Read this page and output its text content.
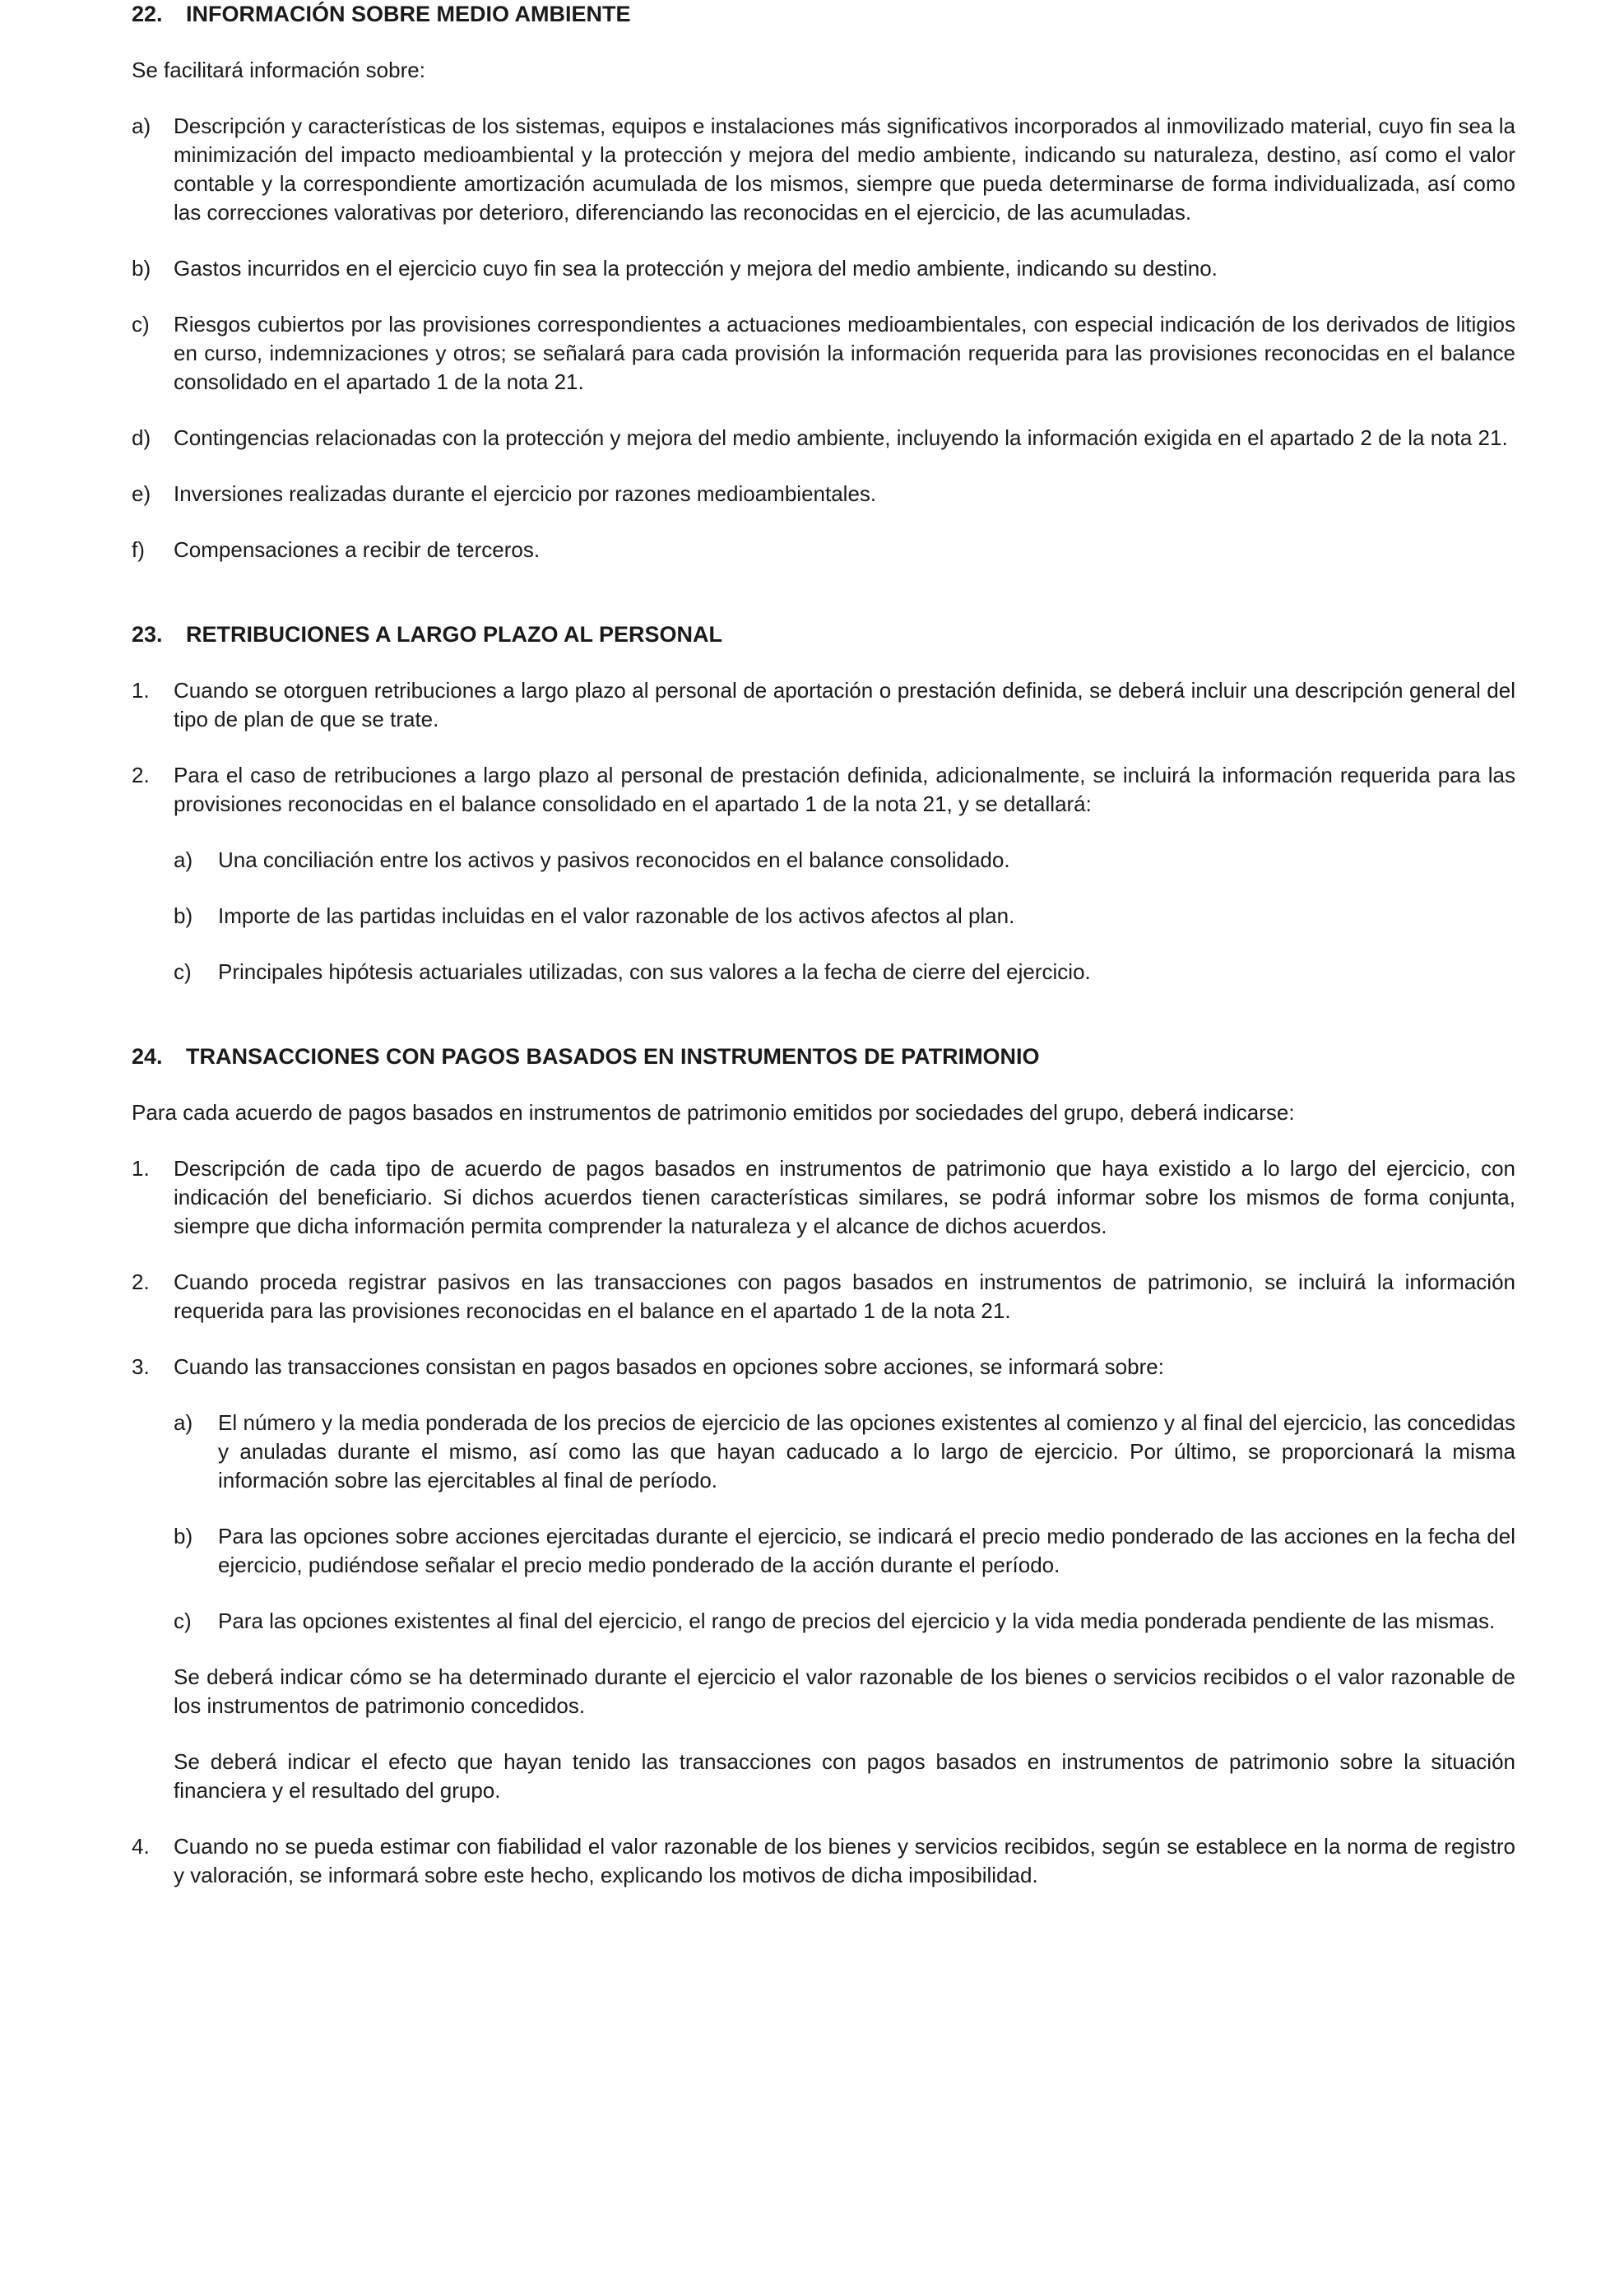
22.	INFORMACIÓN SOBRE MEDIO AMBIENTE

Se facilitará información sobre:

a)	Descripción y características de los sistemas, equipos e instalaciones más significativos incorporados al inmovilizado material, cuyo fin sea la minimización del impacto medioambiental y la protección y mejora del medio ambiente, indicando su naturaleza, destino, así como el valor contable y la correspondiente amortización acumulada de los mismos, siempre que pueda determinarse de forma individualizada, así como las correcciones valorativas por deterioro, diferenciando las reconocidas en el ejercicio, de las acumuladas.
b)	Gastos incurridos en el ejercicio cuyo fin sea la protección y mejora del medio ambiente, indicando su destino.
c)	Riesgos cubiertos por las provisiones correspondientes a actuaciones medioambientales, con especial indicación de los derivados de litigios en curso, indemnizaciones y otros; se señalará para cada provisión la información requerida para las provisiones reconocidas en el balance consolidado en el apartado 1 de la nota 21.
d)	Contingencias relacionadas con la protección y mejora del medio ambiente, incluyendo la información exigida en el apartado 2 de la nota 21.
e)	Inversiones realizadas durante el ejercicio por razones medioambientales.
f)	Compensaciones a recibir de terceros.
23.	RETRIBUCIONES A LARGO PLAZO AL PERSONAL
1.	Cuando se otorguen retribuciones a largo plazo al personal de aportación o prestación definida, se deberá incluir una descripción general del tipo de plan de que se trate.
2.	Para el caso de retribuciones a largo plazo al personal de prestación definida, adicionalmente, se incluirá la información requerida para las provisiones reconocidas en el balance consolidado en el apartado 1 de la nota 21, y se detallará:
a)	Una conciliación entre los activos y pasivos reconocidos en el balance consolidado.
b)	Importe de las partidas incluidas en el valor razonable de los activos afectos al plan.
c)	Principales hipótesis actuariales utilizadas, con sus valores a la fecha de cierre del ejercicio.
24.	TRANSACCIONES CON PAGOS BASADOS EN INSTRUMENTOS DE PATRIMONIO

Para cada acuerdo de pagos basados en instrumentos de patrimonio emitidos por sociedades del grupo, deberá indicarse:

1.	Descripción de cada tipo de acuerdo de pagos basados en instrumentos de patrimonio que haya existido a lo largo del ejercicio, con indicación del beneficiario. Si dichos acuerdos tienen características similares, se podrá informar sobre los mismos de forma conjunta, siempre que dicha información permita comprender la naturaleza y el alcance de dichos acuerdos.
2.	Cuando proceda registrar pasivos en las transacciones con pagos basados en instrumentos de patrimonio, se incluirá la información requerida para las provisiones reconocidas en el balance en el apartado 1 de la nota 21.
3.	Cuando las transacciones consistan en pagos basados en opciones sobre acciones, se informará sobre:
a)	El número y la media ponderada de los precios de ejercicio de las opciones existentes al comienzo y al final del ejercicio, las concedidas y anuladas durante el mismo, así como las que hayan caducado a lo largo de ejercicio. Por último, se proporcionará la misma información sobre las ejercitables al final de período.
b)	Para las opciones sobre acciones ejercitadas durante el ejercicio, se indicará el precio medio ponderado de las acciones en la fecha del ejercicio, pudiéndose señalar el precio medio ponderado de la acción durante el período.
c)	Para las opciones existentes al final del ejercicio, el rango de precios del ejercicio y la vida media ponderada pendiente de las mismas.

Se deberá indicar cómo se ha determinado durante el ejercicio el valor razonable de los bienes o servicios recibidos o el valor razonable de los instrumentos de patrimonio concedidos.

Se deberá indicar el efecto que hayan tenido las transacciones con pagos basados en instrumentos de patrimonio sobre la situación financiera y el resultado del grupo.

4.	Cuando no se pueda estimar con fiabilidad el valor razonable de los bienes y servicios recibidos, según se establece en la norma de registro y valoración, se informará sobre este hecho, explicando los motivos de dicha imposibilidad.
